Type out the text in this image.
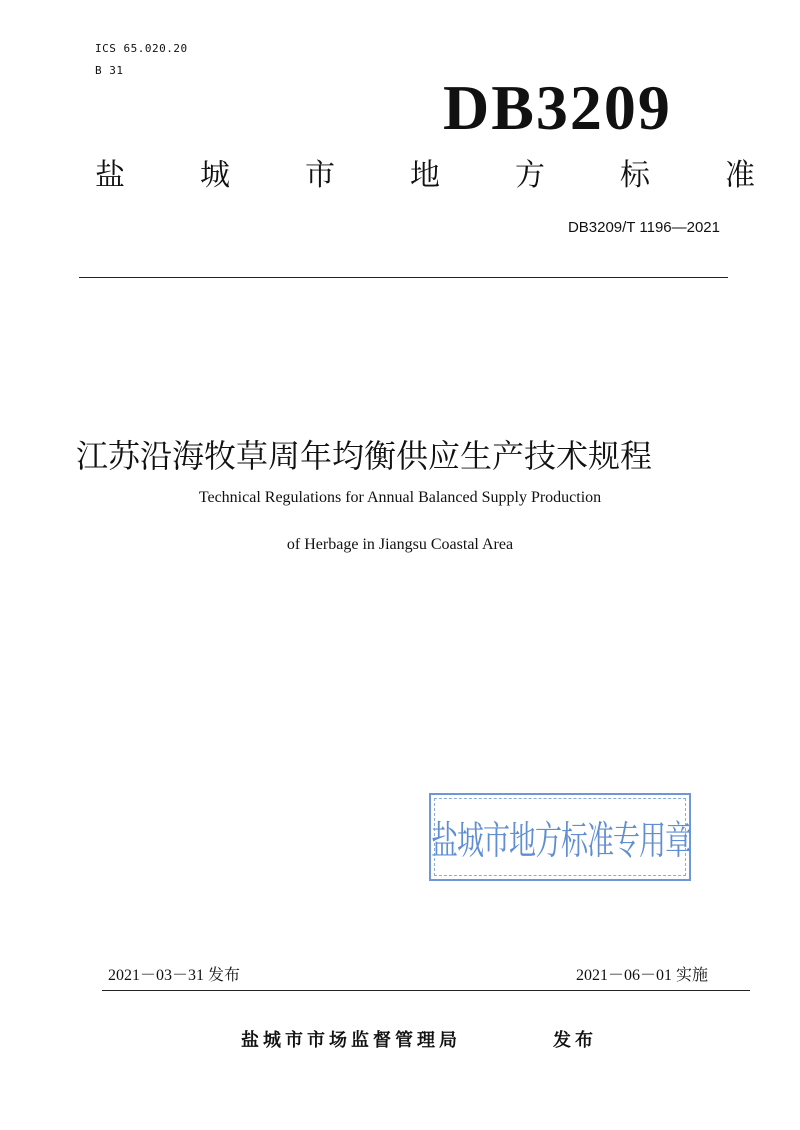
ICS 65.020.20
B 31
DB3209
盐	城	市	地	方	标	准
DB3209/T 1196—2021
江苏沿海牧草周年均衡供应生产技术规程
Technical Regulations for Annual Balanced Supply Production
of Herbage in Jiangsu Coastal Area
盐城市地方标准专用章
2021－03－31 发布	2021－06－01 实施
盐城市市场监督管理局	发布
